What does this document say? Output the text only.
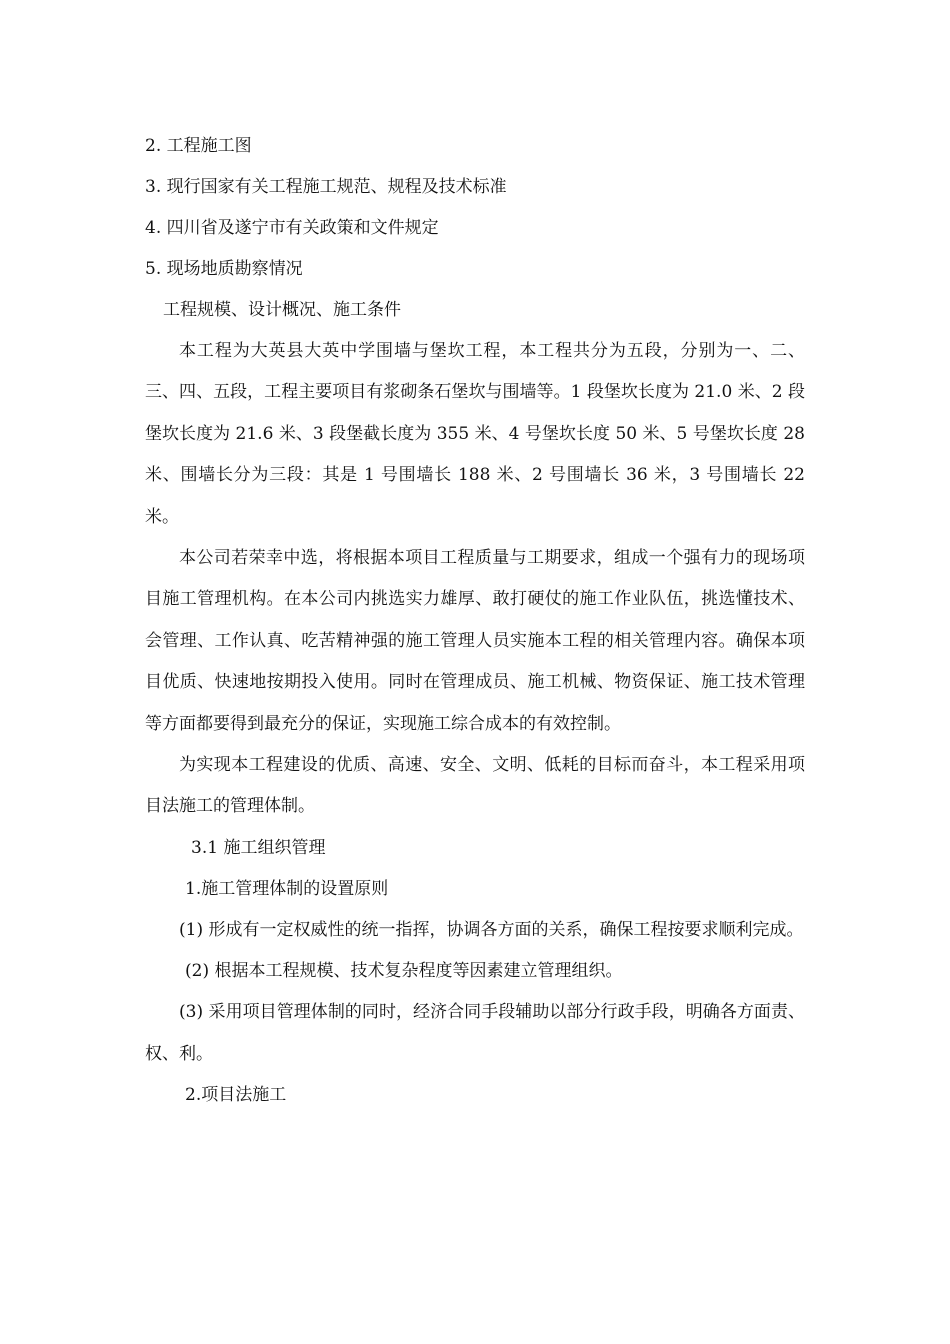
2. 工程施工图
3. 现行国家有关工程施工规范、规程及技术标准
4. 四川省及遂宁市有关政策和文件规定
5. 现场地质勘察情况
工程规模、设计概况、施工条件

本工程为大英县大英中学围墙与堡坎工程，本工程共分为五段，分别为一、二、三、四、五段，工程主要项目有浆砌条石堡坎与围墙等。1 段堡坎长度为 21.0 米、2 段堡坎长度为 21.6 米、3 段堡截长度为 355 米、4 号堡坎长度 50 米、5 号堡坎长度 28 米、围墙长分为三段：其是 1 号围墙长 188 米、2 号围墙长 36 米，3 号围墙长 22 米。

本公司若荣幸中选，将根据本项目工程质量与工期要求，组成一个强有力的现场项目施工管理机构。在本公司内挑选实力雄厚、敢打硬仗的施工作业队伍，挑选懂技术、会管理、工作认真、吃苦精神强的施工管理人员实施本工程的相关管理内容。确保本项目优质、快速地按期投入使用。同时在管理成员、施工机械、物资保证、施工技术管理等方面都要得到最充分的保证，实现施工综合成本的有效控制。

为实现本工程建设的优质、高速、安全、文明、低耗的目标而奋斗，本工程采用项目法施工的管理体制。

3.1 施工组织管理
1.施工管理体制的设置原则

(1) 形成有一定权威性的统一指挥，协调各方面的关系，确保工程按要求顺利完成。

(2) 根据本工程规模、技术复杂程度等因素建立管理组织。

(3) 采用项目管理体制的同时，经济合同手段辅助以部分行政手段，明确各方面责、权、利。

2.项目法施工
